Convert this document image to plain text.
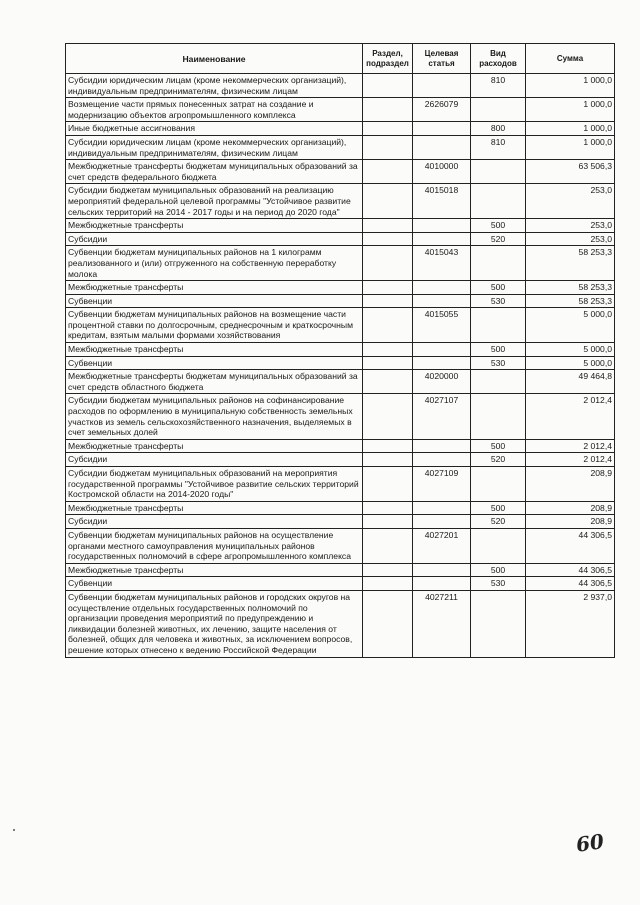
Наименование	Раздел, подраздел	Целевая статья	Вид расходов	Сумма
Субсидии юридическим лицам (кроме некоммерческих организаций), индивидуальным предпринимателям, физическим лицам			810	1 000,0
Возмещение части прямых понесенных затрат на создание и модернизацию объектов агропромышленного комплекса		2626079		1 000,0
Иные бюджетные ассигнования			800	1 000,0
Субсидии юридическим лицам (кроме некоммерческих организаций), индивидуальным предпринимателям, физическим лицам			810	1 000,0
Межбюджетные трансферты бюджетам муниципальных образований за счет средств федерального бюджета		4010000		63 506,3
Субсидии бюджетам муниципальных образований на реализацию мероприятий федеральной целевой программы "Устойчивое развитие сельских территорий на 2014 - 2017 годы и на период до 2020 года"		4015018		253,0
Межбюджетные трансферты			500	253,0
Субсидии			520	253,0
Субвенции бюджетам муниципальных районов на 1 килограмм реализованного и (или) отгруженного на собственную переработку молока		4015043		58 253,3
Межбюджетные трансферты			500	58 253,3
Субвенции			530	58 253,3
Субвенции бюджетам муниципальных районов на возмещение части процентной ставки по долгосрочным, среднесрочным и краткосрочным кредитам, взятым малыми формами хозяйствования		4015055		5 000,0
Межбюджетные трансферты			500	5 000,0
Субвенции			530	5 000,0
Межбюджетные трансферты бюджетам муниципальных образований за счет средств областного бюджета		4020000		49 464,8
Субсидии бюджетам муниципальных районов на софинансирование расходов по оформлению в муниципальную собственность земельных участков из земель сельскохозяйственного назначения, выделяемых в счет земельных долей		4027107		2 012,4
Межбюджетные трансферты			500	2 012,4
Субсидии			520	2 012,4
Субсидии бюджетам муниципальных образований на мероприятия государственной программы "Устойчивое развитие сельских территорий Костромской области на 2014-2020 годы"		4027109		208,9
Межбюджетные трансферты			500	208,9
Субсидии			520	208,9
Субвенции бюджетам муниципальных районов на осуществление органами местного самоуправления муниципальных районов государственных полномочий в сфере агропромышленного комплекса		4027201		44 306,5
Межбюджетные трансферты			500	44 306,5
Субвенции			530	44 306,5
Субвенции бюджетам муниципальных районов и городских округов на осуществление отдельных государственных полномочий по организации проведения мероприятий по предупреждению и ликвидации болезней животных, их лечению, защите населения от болезней, общих для человека и животных, за исключением вопросов, решение которых отнесено к ведению Российской Федерации		4027211		2 937,0
60
